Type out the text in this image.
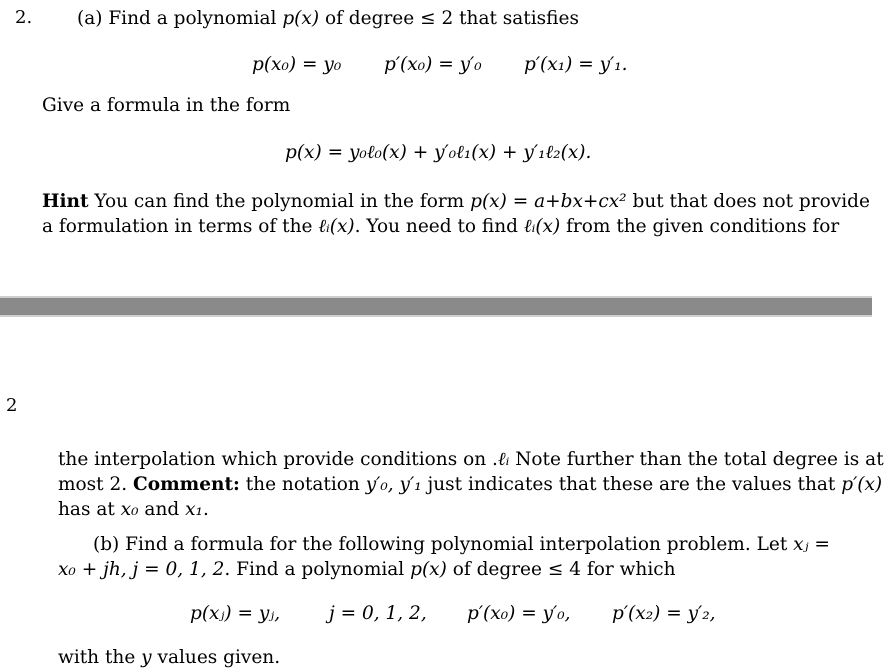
2. (a) Find a polynomial p(x) of degree ≤ 2 that satisfies
p(x₀) = y₀ p′(x₀) = y′₀ p′(x₁) = y′₁.
Give a formula in the form
p(x) = y₀ℓ₀(x) + y′₀ℓ₁(x) + y′₁ℓ₂(x).
Hint You can find the polynomial in the form p(x) = a+bx+cx² but that does not provide
a formulation in terms of the ℓᵢ(x). You need to find ℓᵢ(x) from the given conditions for
2
the interpolation which provide conditions on .ℓᵢ Note further than the total degree is at
most 2. Comment: the notation y′₀, y′₁ just indicates that these are the values that p′(x)
has at x₀ and x₁.
(b) Find a formula for the following polynomial interpolation problem. Let xⱼ =
x₀ + jh, j = 0, 1, 2. Find a polynomial p(x) of degree ≤ 4 for which
p(xⱼ) = yⱼ,	j = 0, 1, 2, p′(x₀) = y′₀, p′(x₂) = y′₂,
with the y values given.
